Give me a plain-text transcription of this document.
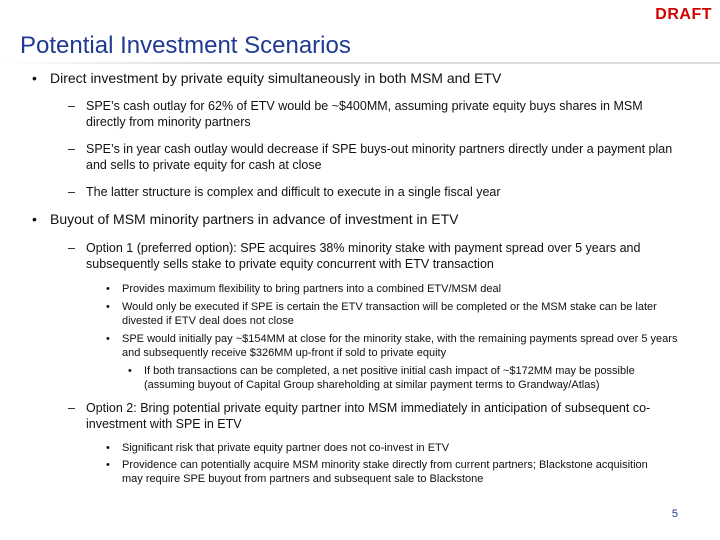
DRAFT
Potential Investment Scenarios
• Direct investment by private equity simultaneously in both MSM and ETV
– SPE’s cash outlay for 62% of ETV would be ~$400MM, assuming private equity buys shares in MSM directly from minority partners
– SPE’s in year cash outlay would decrease if SPE buys-out minority partners directly under a payment plan and sells to private equity for cash at close
– The latter structure is complex and difficult to execute in a single fiscal year
• Buyout of MSM minority partners in advance of investment in ETV
– Option 1 (preferred option): SPE acquires 38% minority stake with payment spread over 5 years and subsequently sells stake to private equity concurrent with ETV transaction
•	Provides maximum flexibility to bring partners into a combined ETV/MSM deal
•	Would only be executed if SPE is certain the ETV transaction will be completed or the MSM stake can be later divested if ETV deal does not close
•	SPE would initially pay ~$154MM at close for the minority stake, with the remaining payments spread over 5 years and subsequently receive $326MM up-front if sold to private equity
•	If both transactions can be completed, a net positive initial cash impact of ~$172MM may be possible (assuming buyout of Capital Group shareholding at similar payment terms to Grandway/Atlas)
– Option 2: Bring potential private equity partner into MSM immediately in anticipation of subsequent co-investment with SPE in ETV
•	Significant risk that private equity partner does not co-invest in ETV
•	Providence can potentially acquire MSM minority stake directly from current partners; Blackstone acquisition may require SPE buyout from partners and subsequent sale to Blackstone
5
